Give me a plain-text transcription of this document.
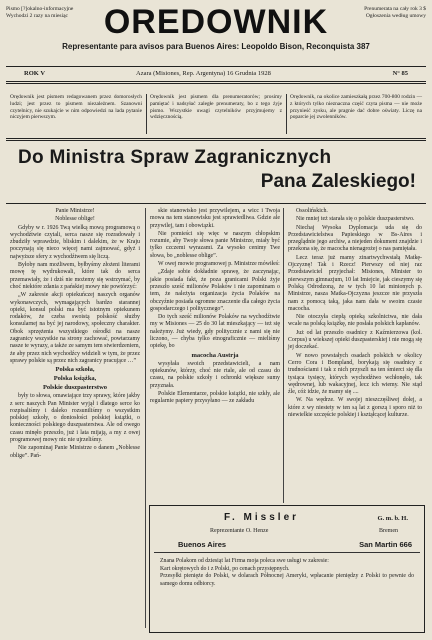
Pismo [?]okalno-informacyjne
Wychodzi 2 razy na miesiąc	OREDOWNIK	Prenumerata na cały rok 3 $
Ogłoszenia według umowy
Representante para avisos para Buenos Aires: Leopoldo Bison, Reconquista 387
ROK V	Azara (Misiones, Rep. Argentyna) 16 Grudnia 1928	N° 85
Orędownik jest pismem redagowanem przez domorosłych ludzi; jest przez to pismem niezależnem. Szanowni czytelnicy, nie szukajcie w nim odpowiedzi na lada pytanie niczyjem pierwszym.
Orędownik jest pismem dla prenumeratorów; prosimy pamiętać i nadsyłać zaległe prenumeraty, bo z tego żyje pismo. Wszystkie uwagi czytelników przyjmujemy z wdzięcznością.
Orędownik, na okolice zamieszkałą przez 700-800 rodzin — z których tylko nieznaczna część czyta pisma — nie może przynieść zysku, ale pragnie dać dobre oświaty. Liczę na poparcie jej zwolenników.
Do Ministra Spraw Zagranicznych
Pana Zaleskiego!

Panie Ministrze!

Noblesse oblige!

Gdyby w r. 1926 Twą wielką mową programową o wychodźtwie czytali, serca nasze się rozradowały i zbudziły wprawdzie, bliskim i dalekim, że w Kraju poczynają się nieco więcej nami zajmować, gdyż i najwyższe sfery z wychodźtwem się liczą.

Byłoby nam możliwem, byłbyśmy złożeni literami mowę tę wydrukowali, które tak do serca przemawiały, że i dziś nie możemy się wstrzymać, by choć niektóre zdania z pańskiej mowy nie powtórzyć:

„W zakresie akcji opiekuńczej naszych organów wykonawczych, wymagających bardzo starannej opieki, konsul polski ma być istotnym opiekunem rodaków, że czeba swoistą polskość służby konsularnej na być jej narodowy, społeczny charakter. Obok sprzężenia wszystkiego ośrodki na nasze zagranicy wszystkie na strony zachować, powtarzamy nasze te wyrazy, a także ze samym tem stwierdzeniem, że aby przez nich wychodźcy widzieli w tym, że przez sprawy polskie są przez nich zagranicy pracujące …”

Polska szkoła,

Polska książka,

Polskie duszpasterstwo

były to słowa, omawiające trzy sprawy, które jakby z serc naszych Pan Minister wyjął i dlatego serce ko rozpisaliśmy i daleko rozsuniliśmy o wszystkim polskiej szkoły, o doniosłości polskiej książki, o konieczności polskiego duszpasterstwa. Ale od owego czasu minęło przeszło, już i lata mijają, a my z owej programowej mowy nic nie ujrzeliśmy.

Nie zapominaj Panie Ministrze o danem „Noblesse oblige”. Pań-

skie stanowisko jest przywilejem, a wicc i Twoja mowa na tem stanowisku jest sprawiedliwa. Gdzie ale przywilej, tam i obowiązki.

Nie pomieści się więc w naszym chłopskim rozumie, aby Twoje słowa panie Ministrze, miały być tylko czczemi wyrazami. Za wysoko cenimy Twe słowa, bo „noblesse oblige”.

W owej mowie programowej p. Ministrze mówiłeś:

„Zdaje sobie dokładnie sprawę, że zaczynając, jakie posiada fakt, że poza granicami Polski żyje przeszło sześć milionów Polaków i nie zapominam o tem, że należyta organizacja życia Polaków na obczyźnie posiada ogromne znaczenie dla całego życia gospodarczego i politycznego”.

Do tych sześć milionów Polaków na wychodźtwie my w Misiones — 25 do 30 lat mieszkający — też się należymy. Już wiedy, gdy politycznie z nami się nie liczono, — chyba tylko etnograficznie — mieliśmy opiekę, bo

macocha Austrja

wysyłała swoich przedstawicieli, a nam opiekunów, którzy, choć nie rtale, ale od czasu do czasu, na polskie szkoły i ochronki większe sumy przyznała.

Polskie Elementarze, polskie książki, nie szkły, ale regularnie papiery przysyłano — ze zakładu

Ossolińskich.

Nie mniej też starała się o polskie duszpasterstwo.

Niechaj Wysoka Dyplomacja uda się do Przedstawicielstwa Papieskiego w Bs-Aires i przeglądnie jego archiw, a niejeden dokument znajdzie i przekona się, że macocha nienagrożej o nas pamiętała.

Lecz teraz już mamy zinartwychwstałą Matkę-Ojczyznę! Tak i Rzecz! Pierwszy od niej raz Przedstawiciel przyjechał: Misiones, Minister to pierwszym gimnazjum, 10 lat Imiejcie, jak cieszymy się Polską Odrodzoną, że w tych 10 lat minionych p. Ministrze, nasza Matka-Ojczyzna jeszcze nie przyszła nam z pomocą taką, jaka nam dała w swoim czasie macocha.

Nie otoczyła ciepłą opieką szkolnictwa, nie dała wcale na polską książkę, nie posłała polskich kapłanów.

Już od lat przeszło osadnicy z Kaźmierzowa (kol. Corpus) u wiekszej opieki duszpasterskiej i nie mogą się jej doczekać.

W nowo powstałych osadach polskich w okolicy Cerro Cora i Bompland, borykają się osadnicy z trudnościami i tak z nich przyszli na ten śmierci się dla tysiąca tysięcy, których wychodźtwo wchłonęło, tak wędrownej, lub wakacyjnej, lecz ich wiemy. Nie stąd źle, cóż idzie, że mamy się ....

W. Na wędrze. W swojej nieszczęśliwej dolej, a które z wy niestety w ten są lat z gorszą i sporo niż to niewielkie szczęście polskiej i ksztąłcącej kulturze.

F. Missler	G. m. b. H.
Reprezentante O. Henze	Bremen
Buenos Aires	San Martin 666

Znana Polakom od dziesiąt lat Firma moja poleca swe usługi w zakresie:

Kart okrętowych do i z Polski, po cenach przystępnych.

Przesyłki pienięże do Polski, w dolarach Północnej Ameryki, wpłacanie pieniędzy z Polski to pewnie do samego domu odbiorcy.
